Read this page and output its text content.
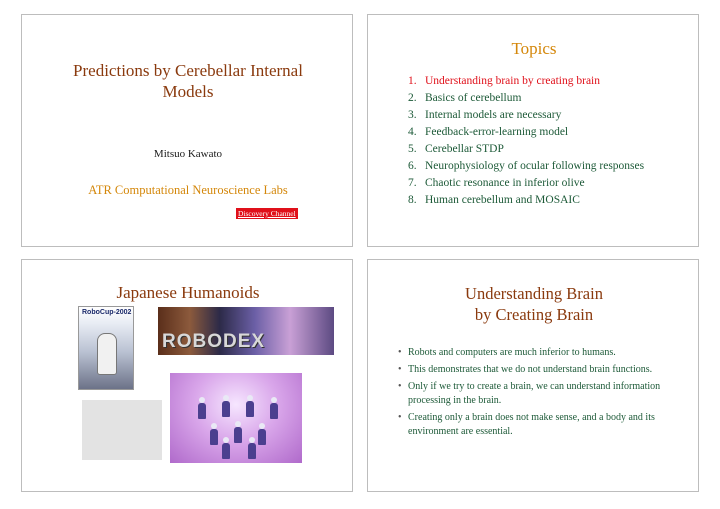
Predictions by Cerebellar Internal
Models
Mitsuo Kawato
ATR Computational Neuroscience Labs
Discovery Channel
Topics
1. Understanding brain by creating brain
2. Basics of cerebellum
3. Internal models are necessary
4. Feedback-error-learning model
5. Cerebellar STDP
6. Neurophysiology of ocular following responses
7. Chaotic resonance in inferior olive
8. Human cerebellum and MOSAIC
Japanese Humanoids
RoboCup-2002
ROBODEX
Understanding Brain
by Creating Brain
• Robots and computers are much inferior to humans.
• This demonstrates that we do not understand brain functions.
• Only if we try to create a brain, we can understand information processing in the brain.
• Creating only a brain does not make sense, and a body and its environment are essential.
